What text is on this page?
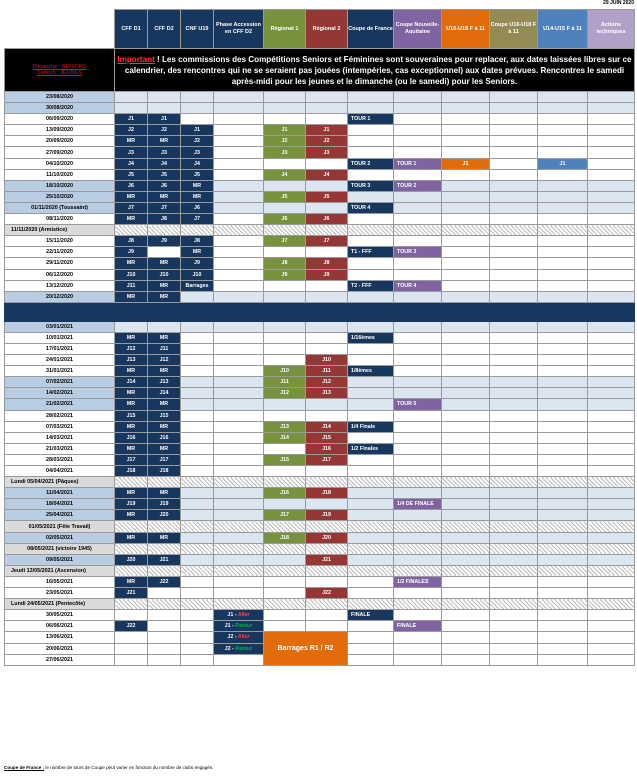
29 JUIN 2020
	CFF D1	CFF D2	CNF U19	Phase Accession en CFF D2	Régional 1	Régional 2	Coupe de France	Coupe Nouvelle-Aquitaine	U16-U18 F à 11	Coupe U16-U18 F à 11	U14-U15 F à 11	Actions techniques
Dimanche : SENIORS
Samedi : JEUNES	Important ! Les commissions des Compétitions Seniors et Féminines sont souveraines pour replacer, aux dates laissées libres sur ce calendrier, des rencontres qui ne se seraient pas jouées (intempéries, cas exceptionnel) aux dates prévues. Rencontres le samedi après-midi pour les jeunes et le dimanche (ou le samedi) pour les Seniors.											
23/08/2020												
30/08/2020												
06/09/2020	J1	J1					TOUR 1					
13/09/2020	J2	J2	J1		J1	J1						
20/09/2020	MR	MR	J2		J2	J2						
27/09/2020	J3	J3	J3		J3	J3						
04/10/2020	J4	J4	J4				TOUR 2	TOUR 1	J1		J1	
11/10/2020	J5	J5	J5		J4	J4						
18/10/2020	J6	J6	MR				TOUR 3	TOUR 2				
25/10/2020	MR	MR	MR		J5	J5						
01/11/2020 (Toussaint)	J7	J7	J6				TOUR 4					
08/11/2020	MR	J8	J7		J6	J6						
11/11/2020 (Armistice)												
15/11/2020	J8	J9	J8		J7	J7						
22/11/2020	J9		MR				T1 - FFF	TOUR 3				
29/11/2020	MR	MR	J9		J8	J8						
06/12/2020	J10	J10	J10		J9	J9						
13/12/2020	J11	MR	Barrages				T2 - FFF	TOUR 4				
20/12/2020	MR	MR										

03/01/2021												
10/01/2021	MR	MR					1/16èmes					
17/01/2021	J12	J11										
24/01/2021	J13	J12				J10						
31/01/2021	MR	MR			J10	J11	1/8èmes					
07/02/2021	J14	J13			J11	J12						
14/02/2021	MR	J14			J12	J13						
21/02/2021	MR	MR						TOUR 5				
28/02/2021	J15	J15										
07/03/2021	MR	MR			J13	J14	1/4 Finale					
14/03/2021	J16	J16			J14	J15						
21/03/2021	MR	MR				J16	1/2 Finales					
28/03/2021	J17	J17			J15	J17						
04/04/2021	J18	J18										
Lundi 05/04/2021 (Pâques)												
11/04/2021	MR	MR			J16	J18						
18/04/2021	J19	J19						1/4 DE FINALE				
25/04/2021	MR	J20			J17	J19						
01/05/2021 (Fête Travail)												
02/05/2021	MR	MR			J18	J20						
08/05/2021 (victoire 1945)												
09/05/2021	J20	J21				J21						
Jeudi 13/05/2021 (Ascension)												
16/05/2021	MR	J22						1/2 FINALES				
23/05/2021	J21					J22						
Lundi 24/05/2021 (Pentecôte)												
30/05/2021				J1 - Aller			FINALE					
06/06/2021	J22			J1 - Retour				FINALE				
13/06/2021				J2 - Aller	Barrages R1 / R2							
20/06/2021				J2 - Retour								
27/06/2021												
Coupe de France : le nombre de tours de Coupe peut varier en fonction du nombre de clubs engagés.
